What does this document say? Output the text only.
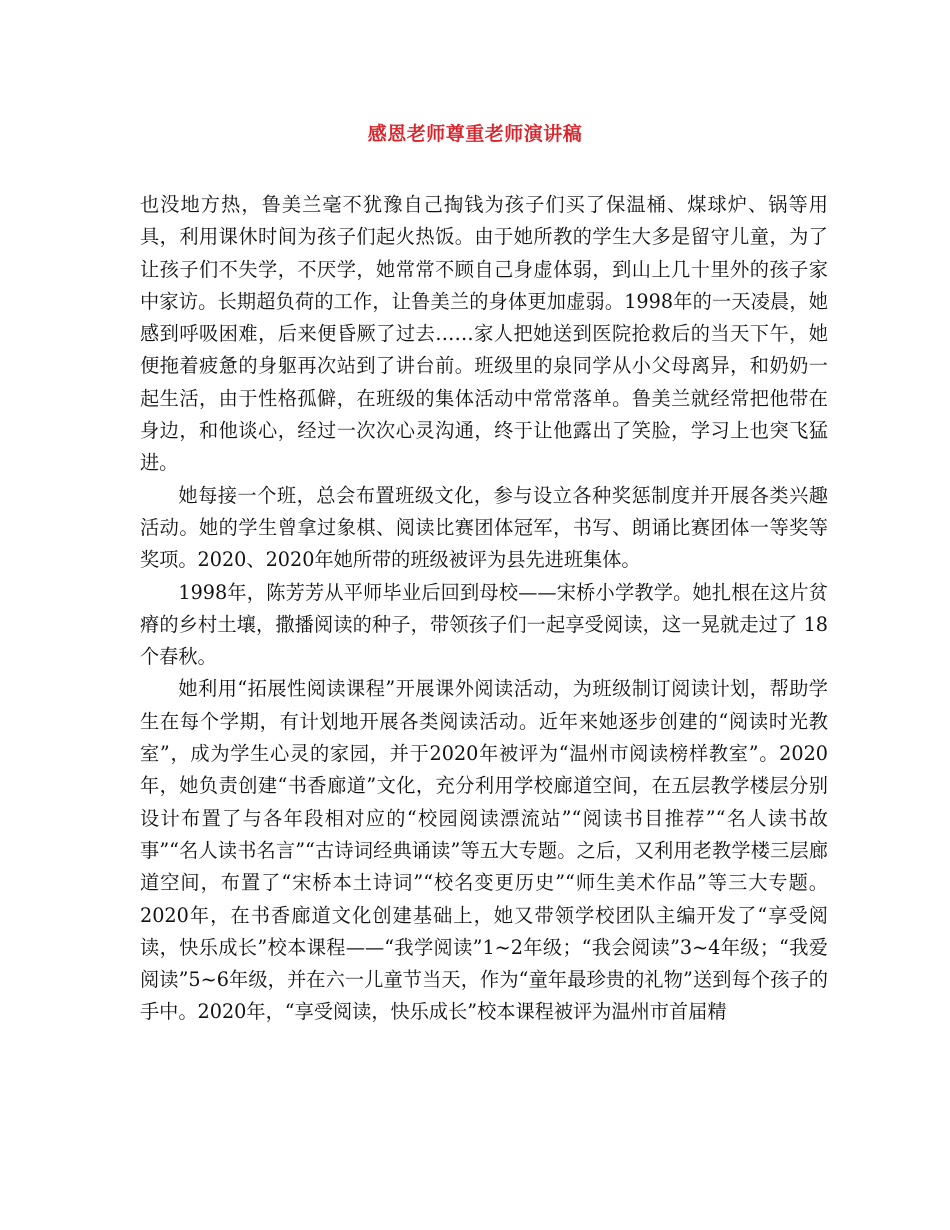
感恩老师尊重老师演讲稿

也没地方热，鲁美兰毫不犹豫自己掏钱为孩子们买了保温桶、煤球炉、锅等用具，利用课休时间为孩子们起火热饭。由于她所教的学生大多是留守儿童，为了让孩子们不失学，不厌学，她常常不顾自己身虚体弱，到山上几十里外的孩子家中家访。长期超负荷的工作，让鲁美兰的身体更加虚弱。1998年的一天凌晨，她感到呼吸困难，后来便昏厥了过去……家人把她送到医院抢救后的当天下午，她便拖着疲惫的身躯再次站到了讲台前。班级里的泉同学从小父母离异，和奶奶一起生活，由于性格孤僻，在班级的集体活动中常常落单。鲁美兰就经常把他带在身边，和他谈心，经过一次次心灵沟通，终于让他露出了笑脸，学习上也突飞猛进。

她每接一个班，总会布置班级文化，参与设立各种奖惩制度并开展各类兴趣活动。她的学生曾拿过象棋、阅读比赛团体冠军，书写、朗诵比赛团体一等奖等奖项。2020、2020年她所带的班级被评为县先进班集体。

1998年，陈芳芳从平师毕业后回到母校——宋桥小学教学。她扎根在这片贫瘠的乡村土壤，撒播阅读的种子，带领孩子们一起享受阅读，这一晃就走过了 18 个春秋。

她利用“拓展性阅读课程”开展课外阅读活动，为班级制订阅读计划，帮助学生在每个学期，有计划地开展各类阅读活动。近年来她逐步创建的“阅读时光教室”，成为学生心灵的家园，并于2020年被评为“温州市阅读榜样教室”。2020年，她负责创建“书香廊道”文化，充分利用学校廊道空间，在五层教学楼层分别设计布置了与各年段相对应的“校园阅读漂流站”“阅读书目推荐”“名人读书故事”“名人读书名言”“古诗词经典诵读”等五大专题。之后，又利用老教学楼三层廊道空间，布置了“宋桥本土诗词”“校名变更历史”“师生美术作品”等三大专题。2020年，在书香廊道文化创建基础上，她又带领学校团队主编开发了“享受阅读，快乐成长”校本课程——“我学阅读”1~2年级；“我会阅读”3~4年级；“我爱阅读”5~6年级，并在六一儿童节当天，作为“童年最珍贵的礼物”送到每个孩子的手中。2020年，“享受阅读，快乐成长”校本课程被评为温州市首届精
